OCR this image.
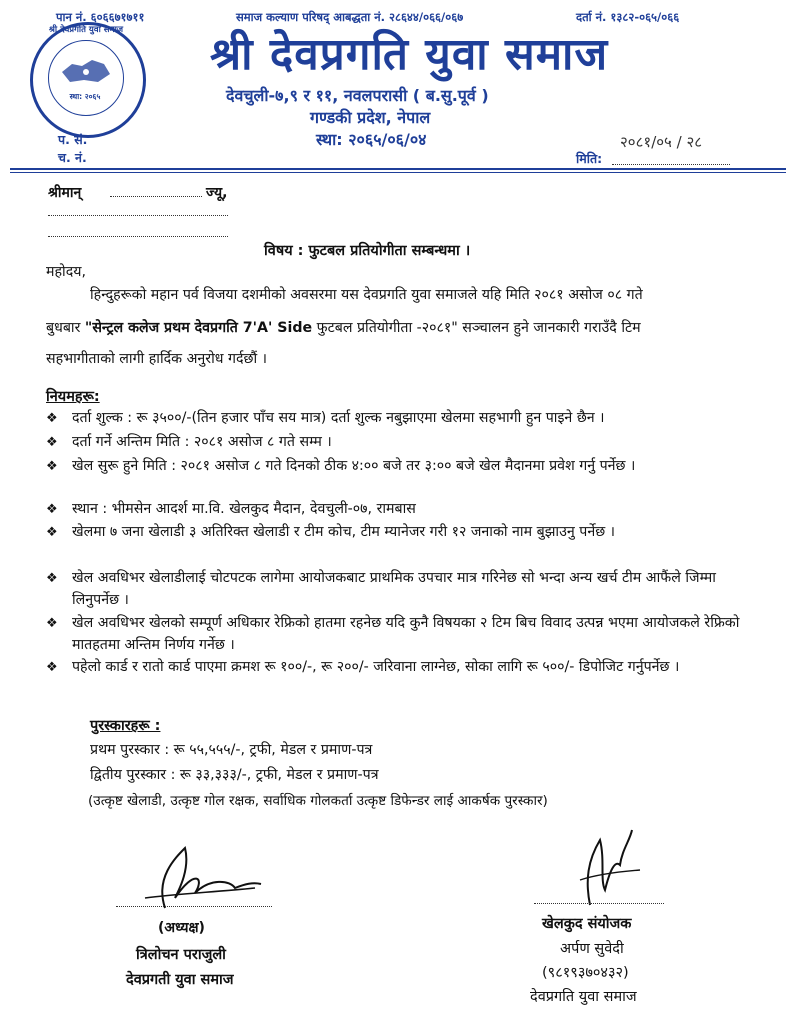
पान नं. ६०६६७१७११	समाज कल्याण परिषद् आबद्धता नं. २८६४४/०६६/०६७	दर्ता नं. १३८२-०६५/०६६
श्री देवप्रगति युवा समाज
स्था: २०६५
श्री देवप्रगति युवा समाज
देवचुली-७,९ र ११, नवलपरासी ( ब.सु.पूर्व )
गण्डकी प्रदेश, नेपाल
स्था: २०६५/०६/०४
प. सं.
च. नं.
२०८१/०५ / २८
मिति:
श्रीमान्	ज्यू,
विषय : फुटबल प्रतियोगीता सम्बन्धमा ।
महोदय,
हिन्दुहरूको महान पर्व विजया दशमीको अवसरमा यस देवप्रगति युवा समाजले यहि मिति २०८१ असोज ०८ गते
बुधबार "सेन्ट्रल कलेज प्रथम देवप्रगति 7'A' Side फुटबल प्रतियोगीता -२०८१" सञ्चालन हुने जानकारी गराउँदै टिम
सहभागीताको लागी हार्दिक अनुरोध गर्दछौं ।
नियमहरू:
❖ दर्ता शुल्क : रू ३५००/-(तिन हजार पाँच सय मात्र) दर्ता शुल्क नबुझाएमा खेलमा सहभागी हुन पाइने छैन ।
❖ दर्ता गर्ने अन्तिम मिति : २०८१ असोज ८ गते सम्म ।
❖ खेल सुरू हुने मिति : २०८१ असोज ८ गते दिनको ठीक ४:०० बजे तर ३:०० बजे खेल मैदानमा प्रवेश गर्नु पर्नेछ ।
❖ स्थान : भीमसेन आदर्श मा.वि. खेलकुद मैदान, देवचुली-०७, रामबास
❖ खेलमा ७ जना खेलाडी ३ अतिरिक्त खेलाडी र टीम कोच, टीम म्यानेजर गरी १२ जनाको नाम बुझाउनु पर्नेछ ।
❖ खेल अवधिभर खेलाडीलाई चोटपटक लागेमा आयोजकबाट प्राथमिक उपचार मात्र गरिनेछ सो भन्दा अन्य खर्च टीम आफैंले जिम्मा लिनुपर्नेछ ।
❖ खेल अवधिभर खेलको सम्पूर्ण अधिकार रेफ्रिको हातमा रहनेछ यदि कुनै विषयका २ टिम बिच विवाद उत्पन्न भएमा आयोजकले रेफ्रिको मातहतमा अन्तिम निर्णय गर्नेछ ।
❖ पहेलो कार्ड र रातो कार्ड पाएमा क्रमश रू १००/-, रू २००/- जरिवाना लाग्नेछ, सोका लागि रू ५००/- डिपोजिट गर्नुपर्नेछ ।
पुरस्कारहरू :
प्रथम पुरस्कार : रू ५५,५५५/-, ट्रफी, मेडल र प्रमाण-पत्र
द्वितीय पुरस्कार : रू ३३,३३३/-, ट्रफी, मेडल र प्रमाण-पत्र
(उत्कृष्ट खेलाडी, उत्कृष्ट गोल रक्षक, सर्वाधिक गोलकर्ता उत्कृष्ट डिफेन्डर लाई आकर्षक पुरस्कार)
(अध्यक्ष)
त्रिलोचन पराजुली
देवप्रगती युवा समाज
खेलकुद संयोजक
अर्पण सुवेदी
(९८१९३७०४३२)
देवप्रगति युवा समाज
